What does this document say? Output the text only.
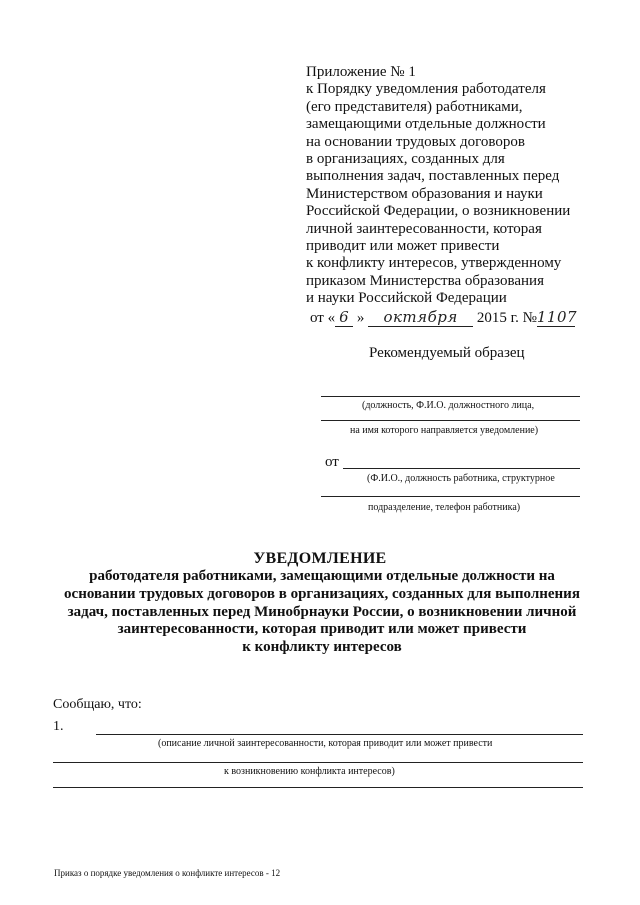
Приложение № 1
к Порядку уведомления работодателя
(его представителя) работниками,
замещающими отдельные должности
на основании трудовых договоров
в организациях, созданных для
выполнения задач, поставленных перед
Министерством образования и науки
Российской Федерации, о возникновении
личной заинтересованности, которая
приводит или может привести
к конфликту интересов, утвержденному
приказом Министерства образования
и науки Российской Федерации
от « 6 » октября 2015 г. №1107
Рекомендуемый образец
(должность, Ф.И.О. должностного лица,
на имя которого направляется уведомление)
от
(Ф.И.О., должность работника, структурное
подразделение, телефон работника)
УВЕДОМЛЕНИЕ
работодателя работниками, замещающими отдельные должности на
основании трудовых договоров в организациях, созданных для выполнения
задач, поставленных перед Минобрнауки России, о возникновении личной
заинтересованности, которая приводит или может привести
к конфликту интересов
Сообщаю, что:
1.
(описание личной заинтересованности, которая приводит или может привести
к возникновению конфликта интересов)
Приказ о порядке уведомления о конфликте интересов - 12
